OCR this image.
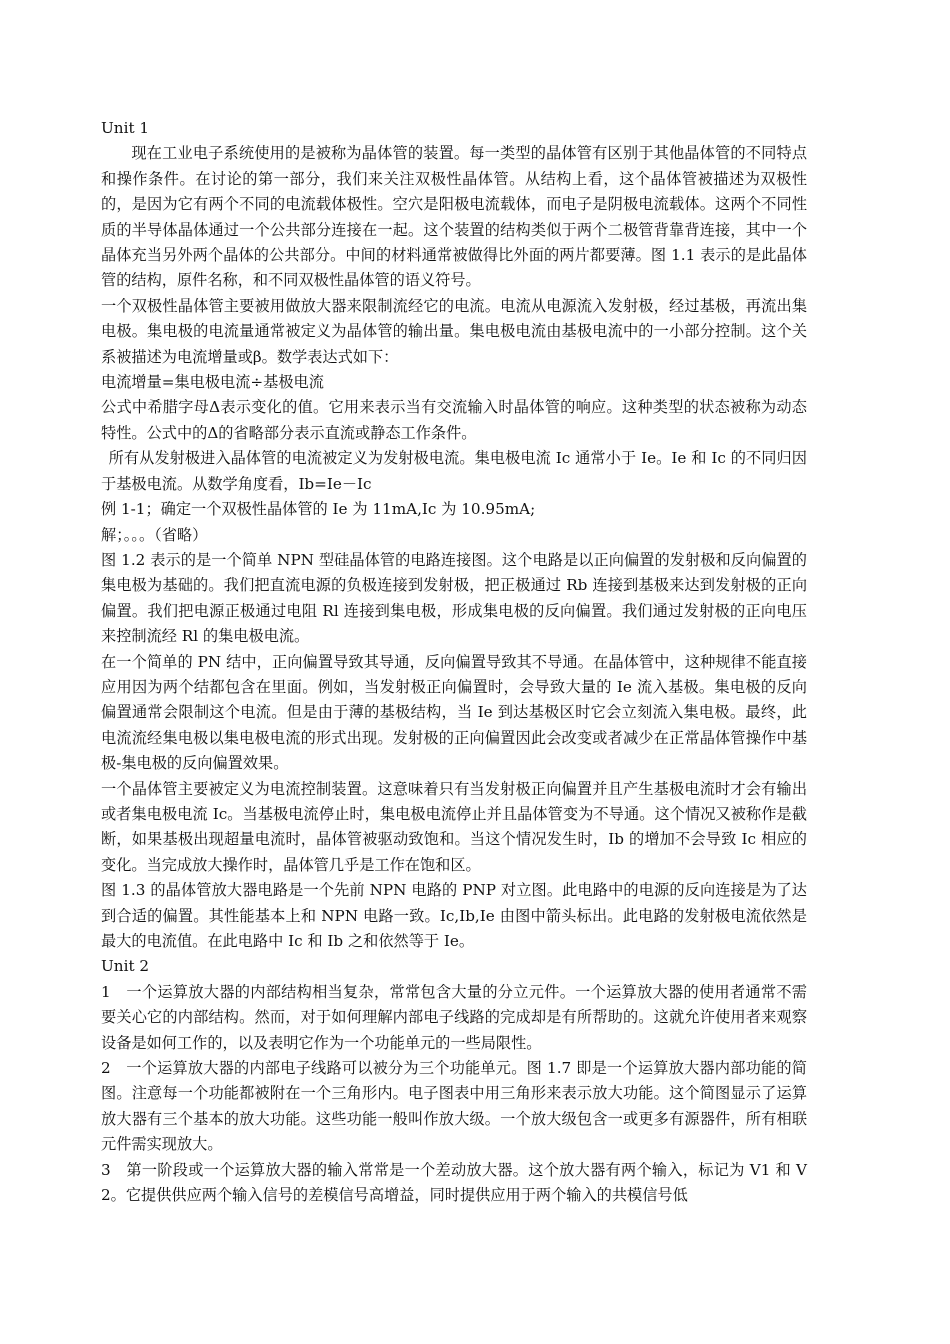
Unit 1

现在工业电子系统使用的是被称为晶体管的装置。每一类型的晶体管有区别于其他晶体管的不同特点和操作条件。在讨论的第一部分，我们来关注双极性晶体管。从结构上看，这个晶体管被描述为双极性的，是因为它有两个不同的电流载体极性。空穴是阳极电流载体，而电子是阴极电流载体。这两个不同性质的半导体晶体通过一个公共部分连接在一起。这个装置的结构类似于两个二极管背靠背连接，其中一个晶体充当另外两个晶体的公共部分。中间的材料通常被做得比外面的两片都要薄。图 1.1 表示的是此晶体管的结构，原件名称，和不同双极性晶体管的语义符号。

一个双极性晶体管主要被用做放大器来限制流经它的电流。电流从电源流入发射极，经过基极，再流出集电极。集电极的电流量通常被定义为晶体管的输出量。集电极电流由基极电流中的一小部分控制。这个关系被描述为电流增量或β。数学表达式如下：

电流增量=集电极电流÷基极电流

公式中希腊字母Δ表示变化的值。它用来表示当有交流输入时晶体管的响应。这种类型的状态被称为动态特性。公式中的Δ的省略部分表示直流或静态工作条件。

所有从发射极进入晶体管的电流被定义为发射极电流。集电极电流 Ic 通常小于 Ie。Ie 和 Ic 的不同归因于基极电流。从数学角度看，Ib=Ie－Ic

例 1-1；确定一个双极性晶体管的 Ie 为 11mA,Ic 为 10.95mA;

解；。。。（省略）

图 1.2 表示的是一个简单 NPN 型硅晶体管的电路连接图。这个电路是以正向偏置的发射极和反向偏置的集电极为基础的。我们把直流电源的负极连接到发射极，把正极通过 Rb 连接到基极来达到发射极的正向偏置。我们把电源正极通过电阻 Rl 连接到集电极，形成集电极的反向偏置。我们通过发射极的正向电压来控制流经 Rl 的集电极电流。

在一个简单的 PN 结中，正向偏置导致其导通，反向偏置导致其不导通。在晶体管中，这种规律不能直接应用因为两个结都包含在里面。例如，当发射极正向偏置时，会导致大量的 Ie 流入基极。集电极的反向偏置通常会限制这个电流。但是由于薄的基极结构，当 Ie 到达基极区时它会立刻流入集电极。最终，此电流流经集电极以集电极电流的形式出现。发射极的正向偏置因此会改变或者减少在正常晶体管操作中基极-集电极的反向偏置效果。

一个晶体管主要被定义为电流控制装置。这意味着只有当发射极正向偏置并且产生基极电流时才会有输出或者集电极电流 Ic。当基极电流停止时，集电极电流停止并且晶体管变为不导通。这个情况又被称作是截断，如果基极出现超量电流时，晶体管被驱动致饱和。当这个情况发生时，Ib 的增加不会导致 Ic 相应的变化。当完成放大操作时，晶体管几乎是工作在饱和区。

图 1.3 的晶体管放大器电路是一个先前 NPN 电路的 PNP 对立图。此电路中的电源的反向连接是为了达到合适的偏置。其性能基本上和 NPN 电路一致。Ic,Ib,Ie 由图中箭头标出。此电路的发射极电流依然是最大的电流值。在此电路中 Ic 和 Ib 之和依然等于 Ie。

Unit 2

1　一个运算放大器的内部结构相当复杂，常常包含大量的分立元件。一个运算放大器的使用者通常不需要关心它的内部结构。然而，对于如何理解内部电子线路的完成却是有所帮助的。这就允许使用者来观察设备是如何工作的，以及表明它作为一个功能单元的一些局限性。

2　一个运算放大器的内部电子线路可以被分为三个功能单元。图 1.7 即是一个运算放大器内部功能的简图。注意每一个功能都被附在一个三角形内。电子图表中用三角形来表示放大功能。这个简图显示了运算放大器有三个基本的放大功能。这些功能一般叫作放大级。一个放大级包含一或更多有源器件，所有相联元件需实现放大。

3　第一阶段或一个运算放大器的输入常常是一个差动放大器。这个放大器有两个输入，标记为 V1 和 V2。它提供供应两个输入信号的差模信号高增益，同时提供应用于两个输入的共模信号低
